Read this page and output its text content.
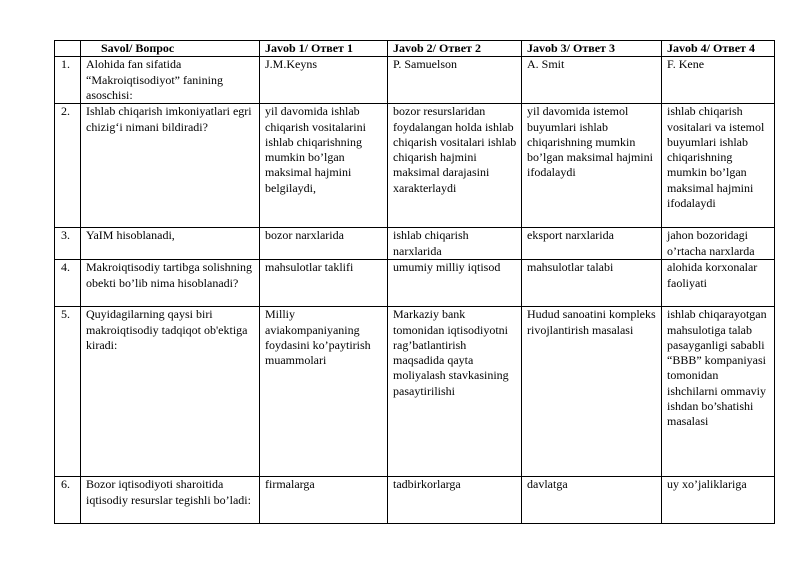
	Savol/ Вопрос	Javob 1/ Ответ 1	Javob 2/ Ответ 2	Javob 3/ Ответ 3	Javob 4/ Ответ 4
1.	Alohida fan sifatida “Makroiqtisodiyot” fanining asoschisi:	J.M.Keyns	P. Samuelson	A. Smit	F. Kene
2.	Ishlab chiqarish imkoniyatlari egri chizig‘i nimani bildiradi?	yil davomida ishlab chiqarish vositalarini ishlab chiqarishning mumkin bo’lgan maksimal hajmini belgilaydi,	bozor resurslaridan foydalangan holda ishlab chiqarish vositalari ishlab chiqarish hajmini maksimal darajasini xarakterlaydi	yil davomida istemol buyumlari ishlab chiqarishning mumkin bo’lgan maksimal hajmini ifodalaydi	ishlab chiqarish vositalari va istemol buyumlari ishlab chiqarishning mumkin bo’lgan maksimal hajmini ifodalaydi
3.	YaIM hisoblanadi,	bozor narxlarida	ishlab chiqarish narxlarida	eksport narxlarida	jahon bozoridagi o’rtacha narxlarda
4.	Makroiqtisodiy tartibga solishning obekti bo’lib nima hisoblanadi?	mahsulotlar taklifi	umumiy milliy iqtisod	mahsulotlar talabi	alohida korxonalar faoliyati
5.	Quyidagilarning qaysi biri makroiqtisodiy tadqiqot ob'ektiga kiradi:	Milliy aviakompaniyaning foydasini ko’paytirish muammolari	Markaziy bank tomonidan iqtisodiyotni rag’batlantirish maqsadida qayta moliyalash stavkasining pasaytirilishi	Hudud sanoatini kompleks rivojlantirish masalasi	ishlab chiqarayotgan mahsulotiga talab pasayganligi sababli “BBB” kompaniyasi tomonidan ishchilarni ommaviy ishdan bo’shatishi masalasi
6.	Bozor iqtisodiyoti sharoitida iqtisodiy resurslar tegishli bo’ladi:	firmalarga	tadbirkorlarga	davlatga	uy xo’jaliklariga
